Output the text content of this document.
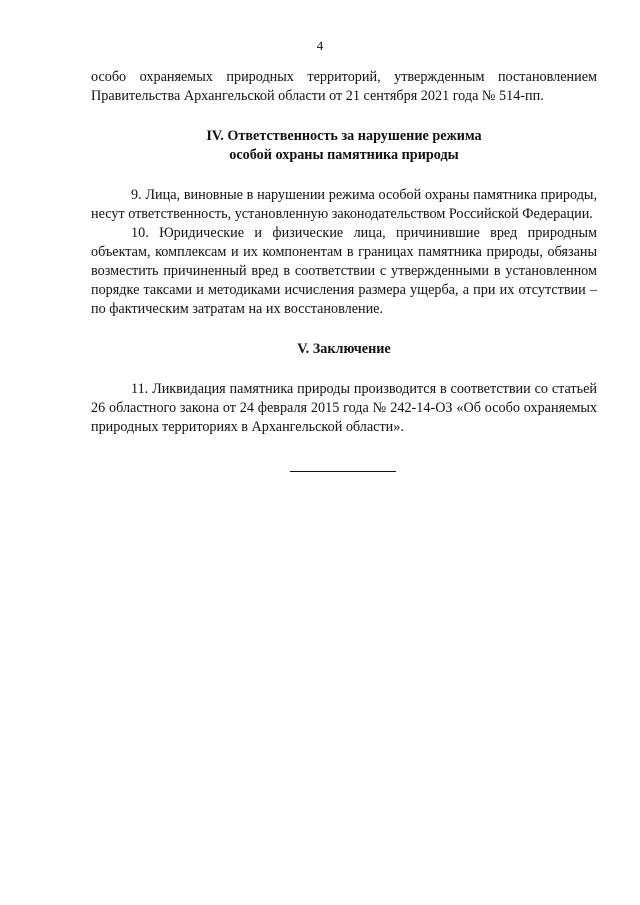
4

особо охраняемых природных территорий, утвержденным постановлением Правительства Архангельской области от 21 сентября 2021 года № 514-пп.

IV. Ответственность за нарушение режима
особой охраны памятника природы

9. Лица, виновные в нарушении режима особой охраны памятника природы, несут ответственность, установленную законодательством Российской Федерации.

10. Юридические и физические лица, причинившие вред природным объектам, комплексам и их компонентам в границах памятника природы, обязаны возместить причиненный вред в соответствии с утвержденными в установленном порядке таксами и методиками исчисления размера ущерба, а при их отсутствии – по фактическим затратам на их восстановление.

V. Заключение

11. Ликвидация памятника природы производится в соответствии со статьей 26 областного закона от 24 февраля 2015 года № 242-14-ОЗ «Об особо охраняемых природных территориях в Архангельской области».
